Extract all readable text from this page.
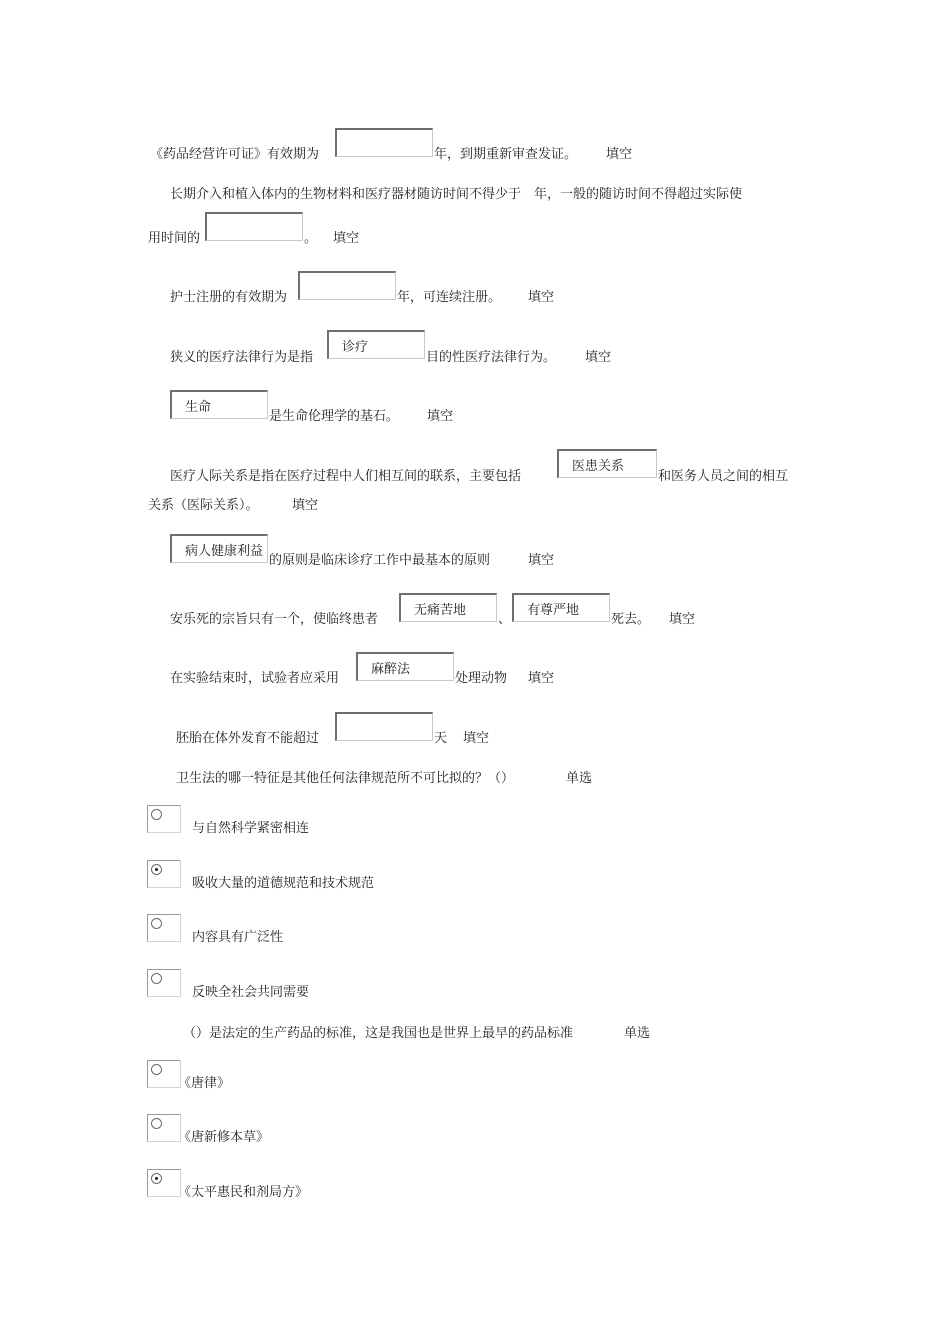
《药品经营许可证》有效期为	年，到期重新审查发证。 填空
长期介入和植入体内的生物材料和医疗器材随访时间不得少于　年，一般的随访时间不得超过实际使
用时间的	。 填空
护士注册的有效期为	年，可连续注册。 填空
狭义的医疗法律行为是指
诊疗
目的性医疗法律行为。 填空
生命
是生命伦理学的基石。 填空
医疗人际关系是指在医疗过程中人们相互间的联系，主要包括
医患关系
和医务人员之间的相互
关系（医际关系）。	填空
病人健康利益
的原则是临床诊疗工作中最基本的原则	填空
安乐死的宗旨只有一个，使临终患者
无痛苦地
、
有尊严地
死去。 填空
在实验结束时，试验者应采用
麻醉法
处理动物 填空
胚胎在体外发育不能超过	天 填空
卫生法的哪一特征是其他任何法律规范所不可比拟的？（）	单选
与自然科学紧密相连
吸收大量的道德规范和技术规范
内容具有广泛性
反映全社会共同需要
（）是法定的生产药品的标准，这是我国也是世界上最早的药品标准	单选
《唐律》
《唐新修本草》
《太平惠民和剂局方》
